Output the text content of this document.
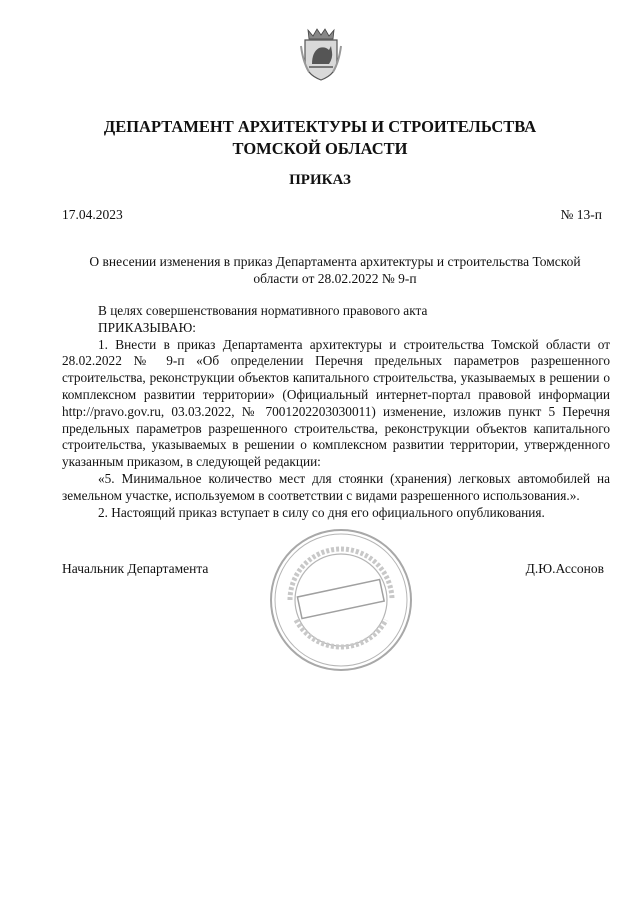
ДЕПАРТАМЕНТ АРХИТЕКТУРЫ И СТРОИТЕЛЬСТВА
ТОМСКОЙ ОБЛАСТИ
ПРИКАЗ
17.04.2023	№ 13-п
О внесении изменения в приказ Департамента архитектуры и строительства Томской
области от 28.02.2022 № 9-п

В целях совершенствования нормативного правового акта

ПРИКАЗЫВАЮ:

1. Внести в приказ Департамента архитектуры и строительства Томской области от 28.02.2022 № 9-п «Об определении Перечня предельных параметров разрешенного строительства, реконструкции объектов капитального строительства, указываемых в решении о комплексном развитии территории» (Официальный интернет-портал правовой информации http://pravo.gov.ru, 03.03.2022, № 7001202203030011) изменение, изложив пункт 5 Перечня предельных параметров разрешенного строительства, реконструкции объектов капитального строительства, указываемых в решении о комплексном развитии территории, утвержденного указанным приказом, в следующей редакции:

«5. Минимальное количество мест для стоянки (хранения) легковых автомобилей на земельном участке, используемом в соответствии с видами разрешенного использования.».

2. Настоящий приказ вступает в силу со дня его официального опубликования.

Начальник Департамента	Д.Ю.Ассонов
